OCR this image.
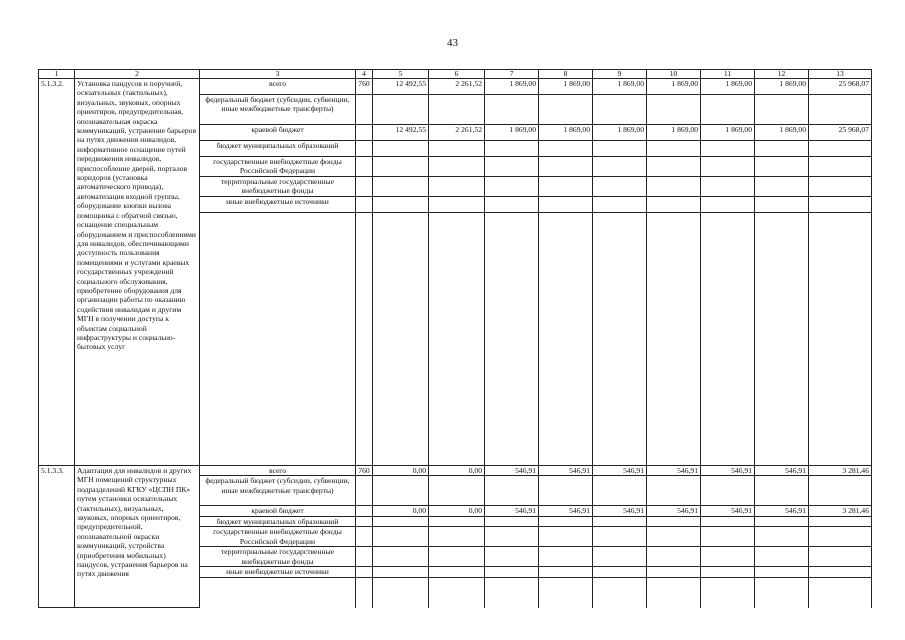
43
1	2	3	4	5	6	7	8	9	10	11	12	13
5.1.3.2.	Установка пандусов и поручней, осязательных (тактильных), визуальных, звуковых, опорных ориентиров, предупредительная, опознавательная окраска коммуникаций, устранение барьеров на путях движения инвалидов, информативное оснащение путей передвижения инвалидов, приспособление дверей, порталов коридоров (установка автоматического привода), автоматизация входной группы, оборудование кнопки вызова помощника с обратной связью, оснащение специальным оборудованием и приспособлениями для инвалидов, обеспечивающими доступность пользования помещениями и услугами краевых государственных учреждений социального обслуживания, приобретение оборудования для организации работы по оказанию содействия инвалидам и другим МГН в получении доступа к объектам социальной инфраструктуры и социально-бытовых услуг	всего	760	12 492,55	2 261,52	1 869,00	1 869,00	1 869,00	1 869,00	1 869,00	1 869,00	25 968,07
		федеральный бюджет (субсидии, субвенции, иные межбюджетные трансферты)										
		краевой бюджет		12 492,55	2 261,52	1 869,00	1 869,00	1 869,00	1 869,00	1 869,00	1 869,00	25 968,07
		бюджет муниципальных образований										
		государственные внебюджетные фонды Российской Федерации										
		территориальные государственные внебюджетные фонды										
		иные внебюджетные источники										

5.1.3.3.	Адаптация для инвалидов и других МГН помещений структурных подразделений КГКУ «ЦСПН ПК» путем установки осязательных (тактильных), визуальных, звуковых, опорных ориентиров, предупредительной, опознавательной окраски коммуникаций, устройства (приобретения мобильных) пандусов, устранения барьеров на путях движения	всего	760	0,00	0,00	546,91	546,91	546,91	546,91	546,91	546,91	3 281,46
		федеральный бюджет (субсидии, субвенции, иные межбюджетные трансферты)										
		краевой бюджет		0,00	0,00	546,91	546,91	546,91	546,91	546,91	546,91	3 281,46
		бюджет муниципальных образований										
		государственные внебюджетные фонды Российской Федерации										
		территориальные государственные внебюджетные фонды										
		иные внебюджетные источники										
